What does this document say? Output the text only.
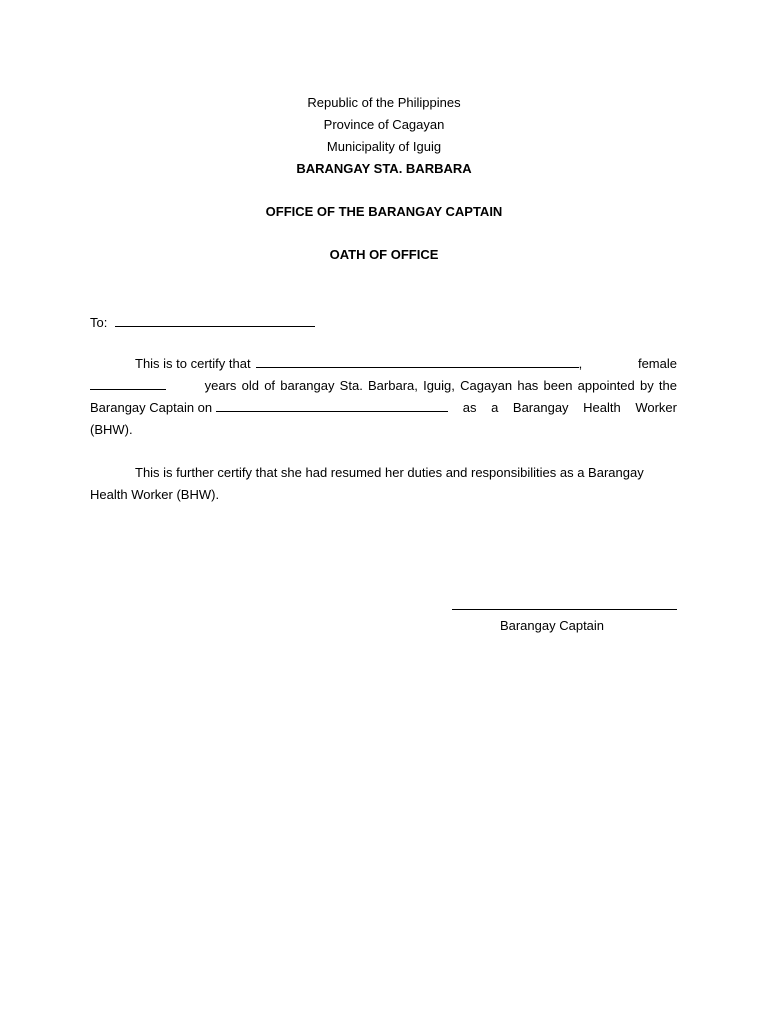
Republic of the Philippines
Province of Cagayan
Municipality of Iguig
BARANGAY STA. BARBARA
OFFICE OF THE BARANGAY CAPTAIN
OATH OF OFFICE
To:
This is to certify that	,	female
years old of barangay Sta. Barbara, Iguig, Cagayan has been appointed by the
Barangay Captain on	as a Barangay Health Worker
(BHW).
This is further certify that she had resumed her duties and responsibilities as a Barangay
Health Worker (BHW).
Barangay Captain
